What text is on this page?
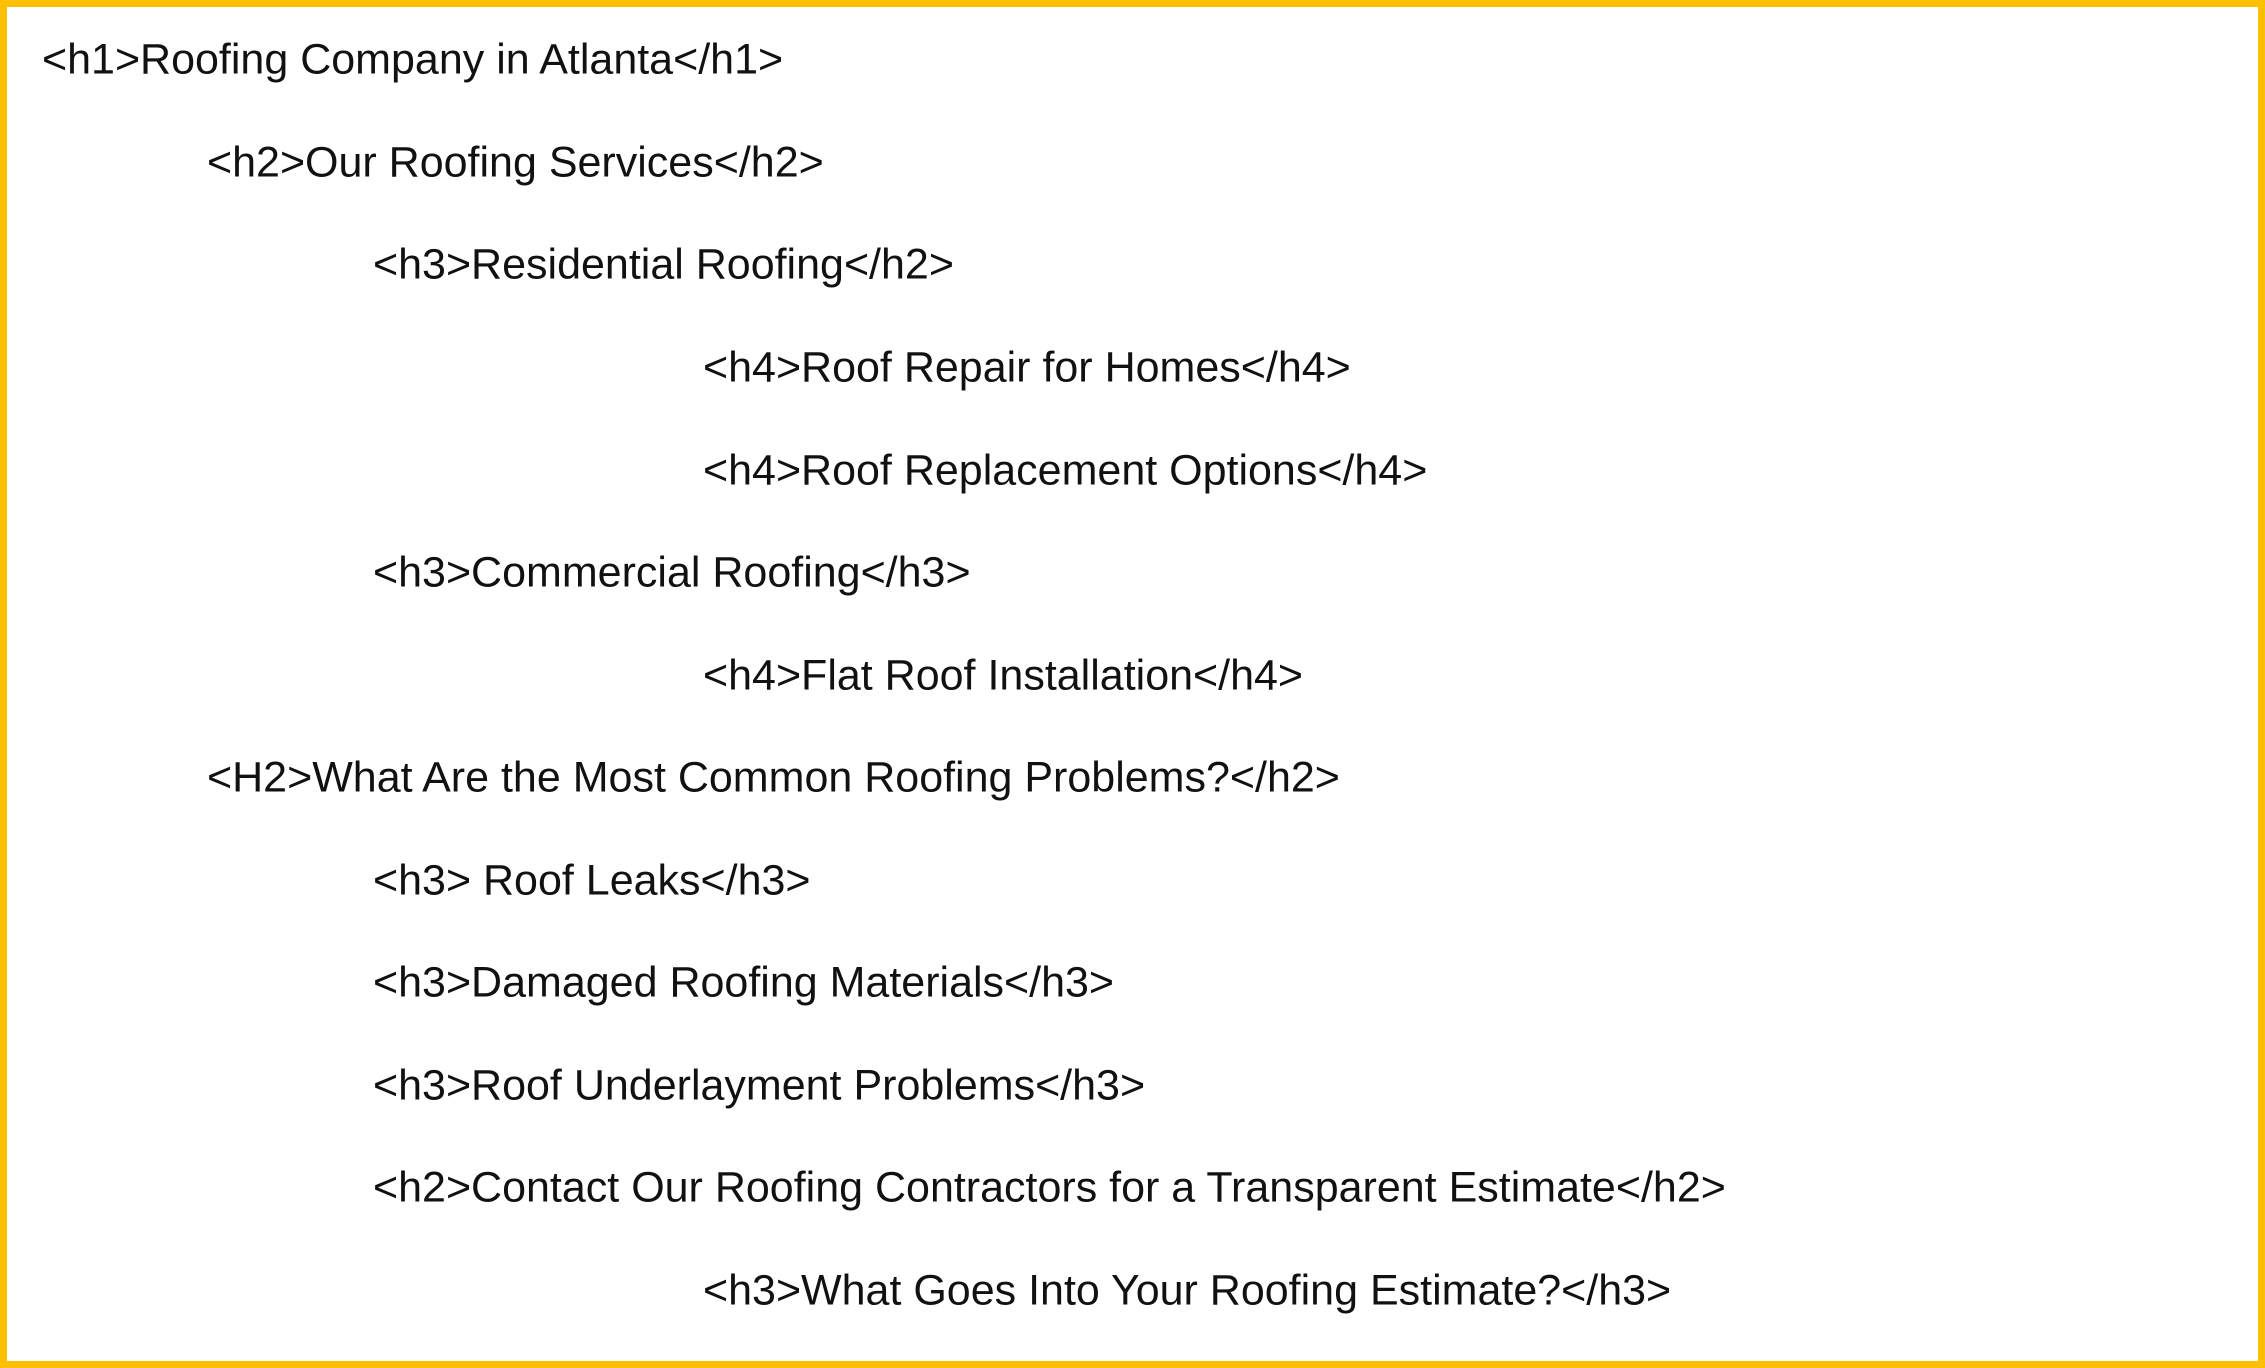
<h1>Roofing Company in Atlanta</h1>
<h2>Our Roofing Services</h2>
<h3>Residential Roofing</h2>
<h4>Roof Repair for Homes</h4>
<h4>Roof Replacement Options</h4>
<h3>Commercial Roofing</h3>
<h4>Flat Roof Installation</h4>
<H2>What Are the Most Common Roofing Problems?</h2>
<h3> Roof Leaks</h3>
<h3>Damaged Roofing Materials</h3>
<h3>Roof Underlayment Problems</h3>
<h2>Contact Our Roofing Contractors for a Transparent Estimate</h2>
<h3>What Goes Into Your Roofing Estimate?</h3>
